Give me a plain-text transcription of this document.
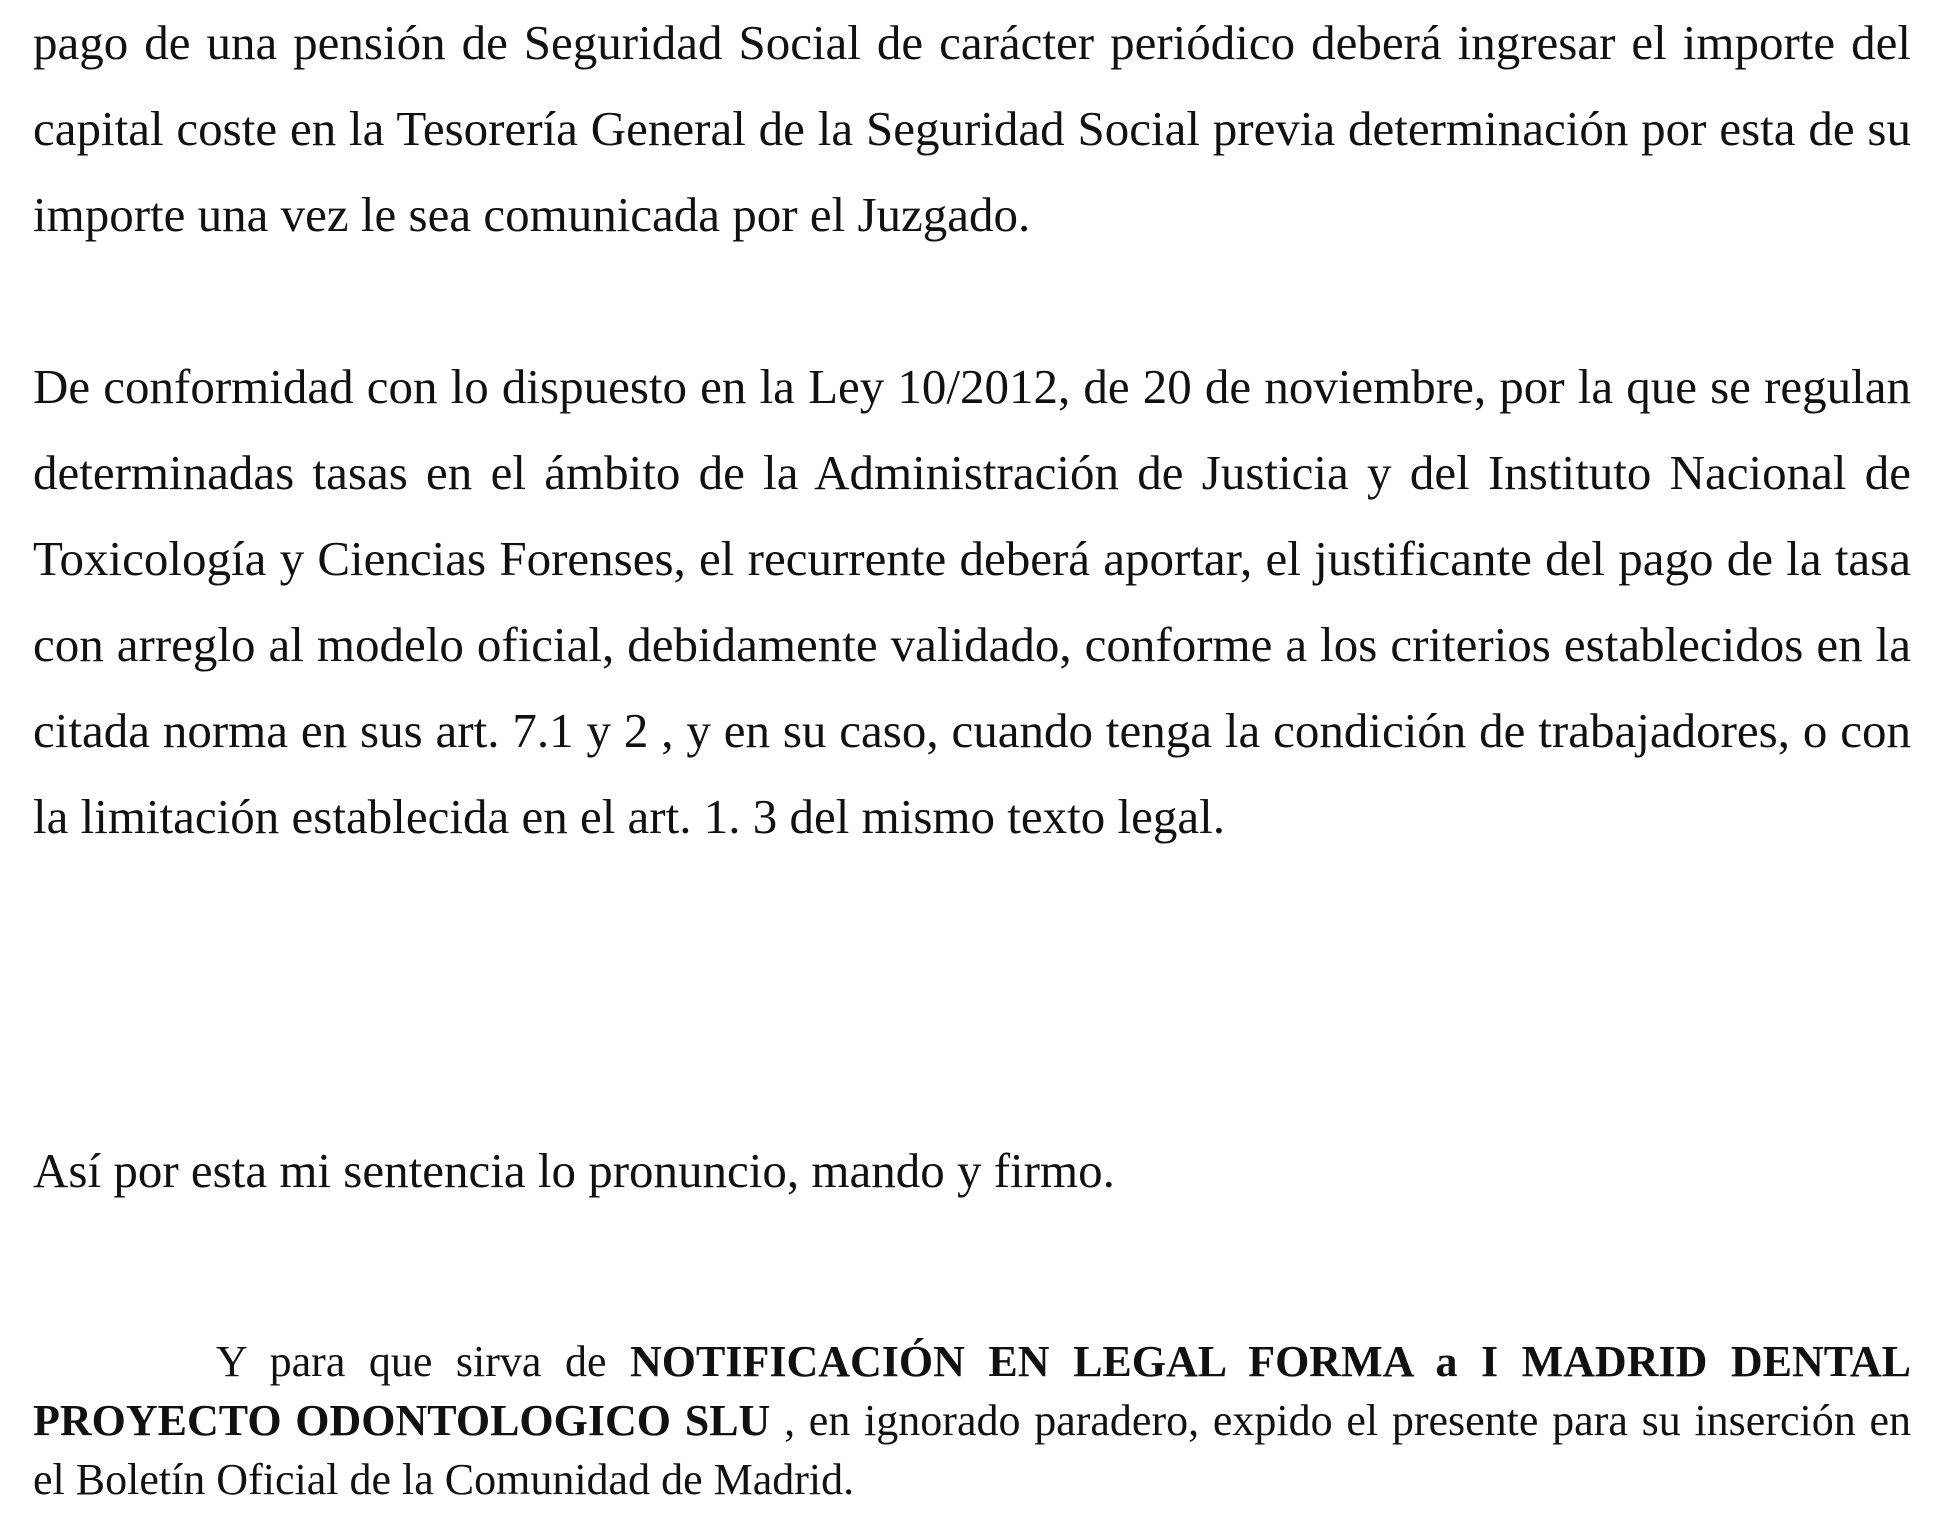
pago de una pensión de Seguridad Social de carácter periódico deberá ingresar el importe del capital coste en la Tesorería General de la Seguridad Social previa determinación por esta de su importe una vez le sea comunicada por el Juzgado.

De conformidad con lo dispuesto en la Ley 10/2012, de 20 de noviembre, por la que se regulan determinadas tasas en el ámbito de la Administración de Justicia y del Instituto Nacional de Toxicología y Ciencias Forenses, el recurrente deberá aportar, el justificante del pago de la tasa con arreglo al modelo oficial, debidamente validado, conforme a los criterios establecidos en la citada norma en sus art. 7.1 y 2 , y en su caso, cuando tenga la condición de trabajadores, o con la limitación establecida en el art. 1. 3 del mismo texto legal.

Así por esta mi sentencia lo pronuncio, mando y firmo.

Y para que sirva de NOTIFICACIÓN EN LEGAL FORMA a I MADRID DENTAL PROYECTO ODONTOLOGICO SLU , en ignorado paradero, expido el presente para su inserción en el Boletín Oficial de la Comunidad de Madrid.
